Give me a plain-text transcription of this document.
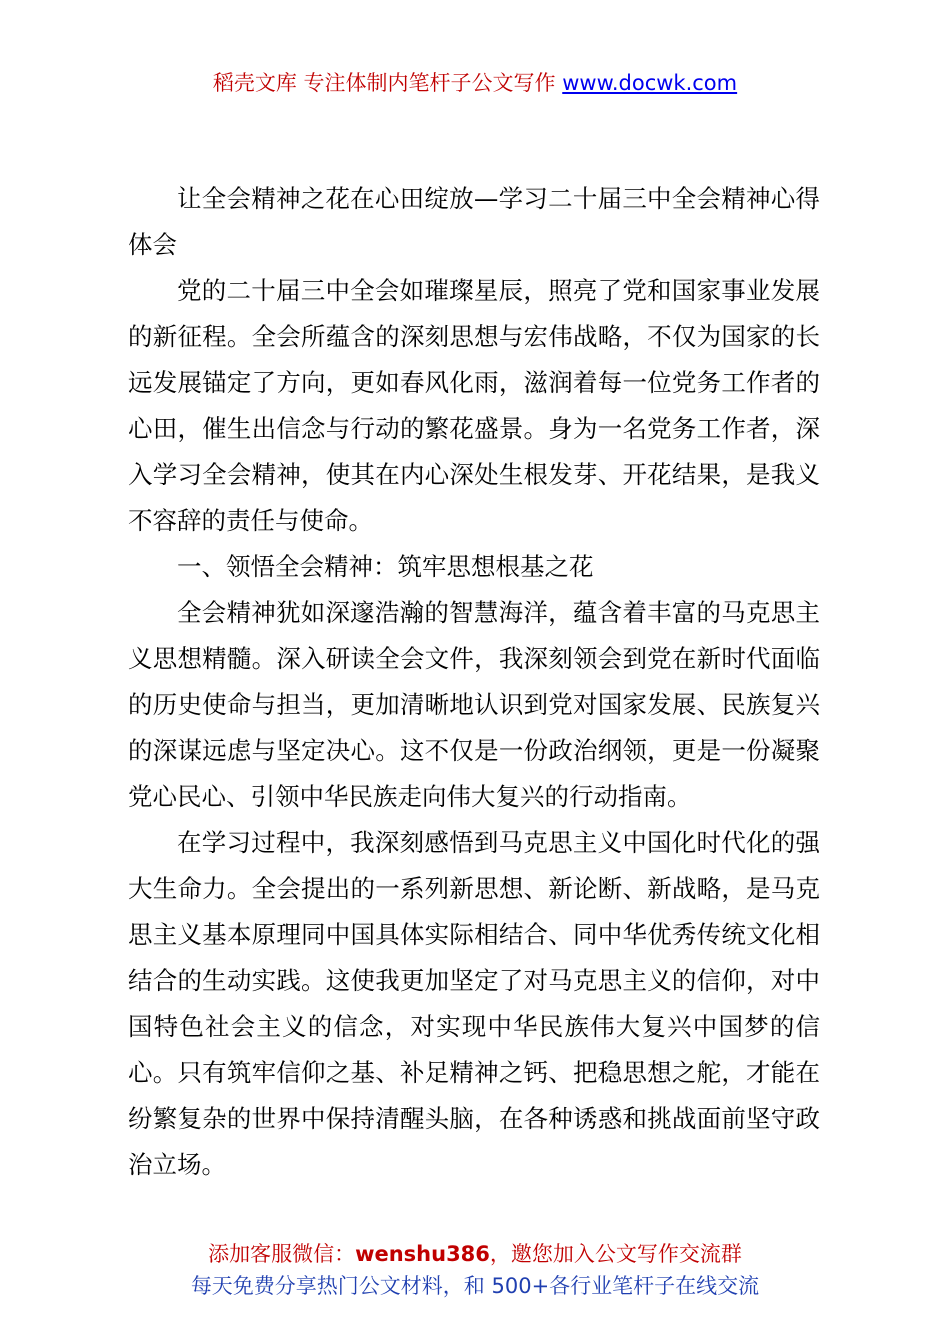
稻壳文库 专注体制内笔杆子公文写作 www.docwk.com

让全会精神之花在心田绽放—学习二十届三中全会精神心得体会

党的二十届三中全会如璀璨星辰，照亮了党和国家事业发展的新征程。全会所蕴含的深刻思想与宏伟战略，不仅为国家的长远发展锚定了方向，更如春风化雨，滋润着每一位党务工作者的心田，催生出信念与行动的繁花盛景。身为一名党务工作者，深入学习全会精神，使其在内心深处生根发芽、开花结果，是我义不容辞的责任与使命。

一、领悟全会精神：筑牢思想根基之花

全会精神犹如深邃浩瀚的智慧海洋，蕴含着丰富的马克思主义思想精髓。深入研读全会文件，我深刻领会到党在新时代面临的历史使命与担当，更加清晰地认识到党对国家发展、民族复兴的深谋远虑与坚定决心。这不仅是一份政治纲领，更是一份凝聚党心民心、引领中华民族走向伟大复兴的行动指南。

在学习过程中，我深刻感悟到马克思主义中国化时代化的强大生命力。全会提出的一系列新思想、新论断、新战略，是马克思主义基本原理同中国具体实际相结合、同中华优秀传统文化相结合的生动实践。这使我更加坚定了对马克思主义的信仰，对中国特色社会主义的信念，对实现中华民族伟大复兴中国梦的信心。只有筑牢信仰之基、补足精神之钙、把稳思想之舵，才能在纷繁复杂的世界中保持清醒头脑，在各种诱惑和挑战面前坚守政治立场。

添加客服微信：wenshu386，邀您加入公文写作交流群
每天免费分享热门公文材料，和 500+各行业笔杆子在线交流
